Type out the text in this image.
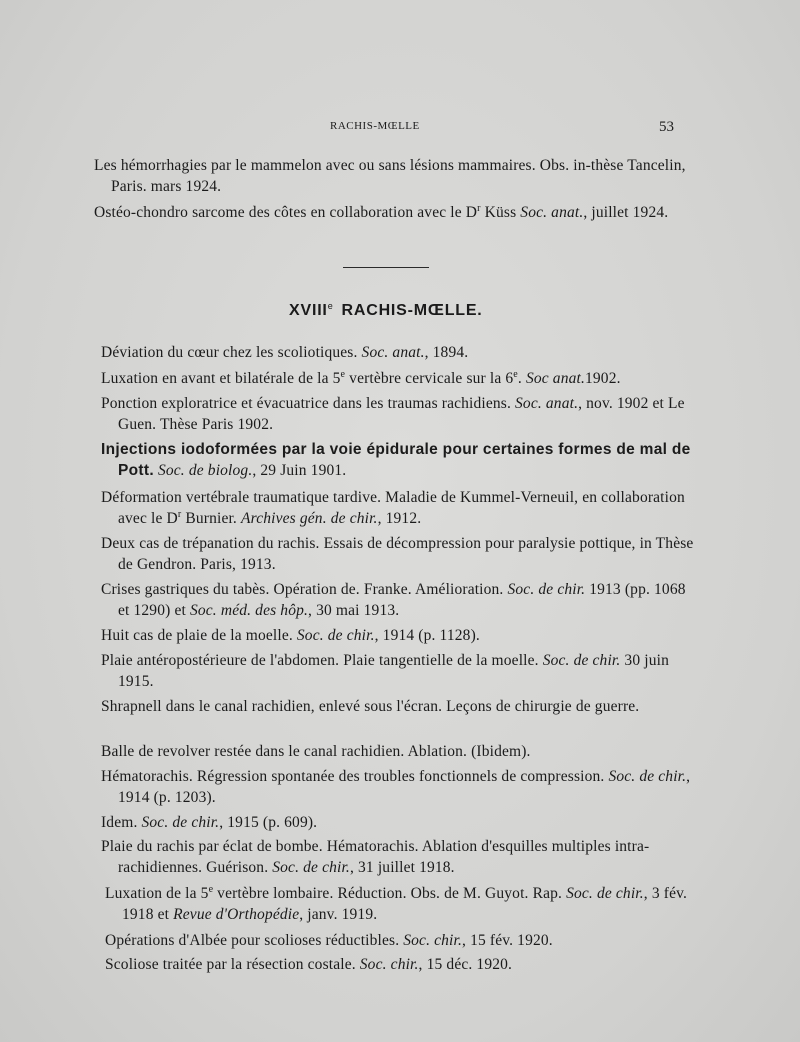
RACHIS-MŒLLE	53
Les hémorrhagies par le mammelon avec ou sans lésions mammaires. Obs. in-thèse Tancelin, Paris. mars 1924.
Ostéo-chondro sarcome des côtes en collaboration avec le $D^r$ Küss Soc. anat., juillet 1924.
XVIIIe RACHIS-MŒLLE.
Déviation du cœur chez les scoliotiques. Soc. anat., 1894.
Luxation en avant et bilatérale de la 5e vertèbre cervicale sur la 6e. Soc anat.1902.
Ponction exploratrice et évacuatrice dans les traumas rachidiens. Soc. anat., nov. 1902 et Le Guen. Thèse Paris 1902.
Injections iodoformées par la voie épidurale pour certaines formes de mal de Pott. Soc. de biolog., 29 Juin 1901.
Déformation vertébrale traumatique tardive. Maladie de Kummel-Verneuil, en collaboration avec le $D^r$ Burnier. Archives gén. de chir., 1912.
Deux cas de trépanation du rachis. Essais de décompression pour paralysie pottique, in Thèse de Gendron. Paris, 1913.
Crises gastriques du tabès. Opération de. Franke. Amélioration. Soc. de chir. 1913 (pp. 1068 et 1290) et Soc. méd. des hôp., 30 mai 1913.
Huit cas de plaie de la moelle. Soc. de chir., 1914 (p. 1128).
Plaie antéropostérieure de l'abdomen. Plaie tangentielle de la moelle. Soc. de chir. 30 juin 1915.
Shrapnell dans le canal rachidien, enlevé sous l'écran. Leçons de chirurgie de guerre.
Balle de revolver restée dans le canal rachidien. Ablation. (Ibidem).
Hématorachis. Régression spontanée des troubles fonctionnels de compression. Soc. de chir., 1914 (p. 1203).
Idem. Soc. de chir., 1915 (p. 609).
Plaie du rachis par éclat de bombe. Hématorachis. Ablation d'esquilles multiples intra-rachidiennes. Guérison. Soc. de chir., 31 juillet 1918.
Luxation de la 5e vertèbre lombaire. Réduction. Obs. de M. Guyot. Rap. Soc. de chir., 3 fév. 1918 et Revue d'Orthopédie, janv. 1919.
Opérations d'Albée pour scolioses réductibles. Soc. chir., 15 fév. 1920.
Scoliose traitée par la résection costale. Soc. chir., 15 déc. 1920.
